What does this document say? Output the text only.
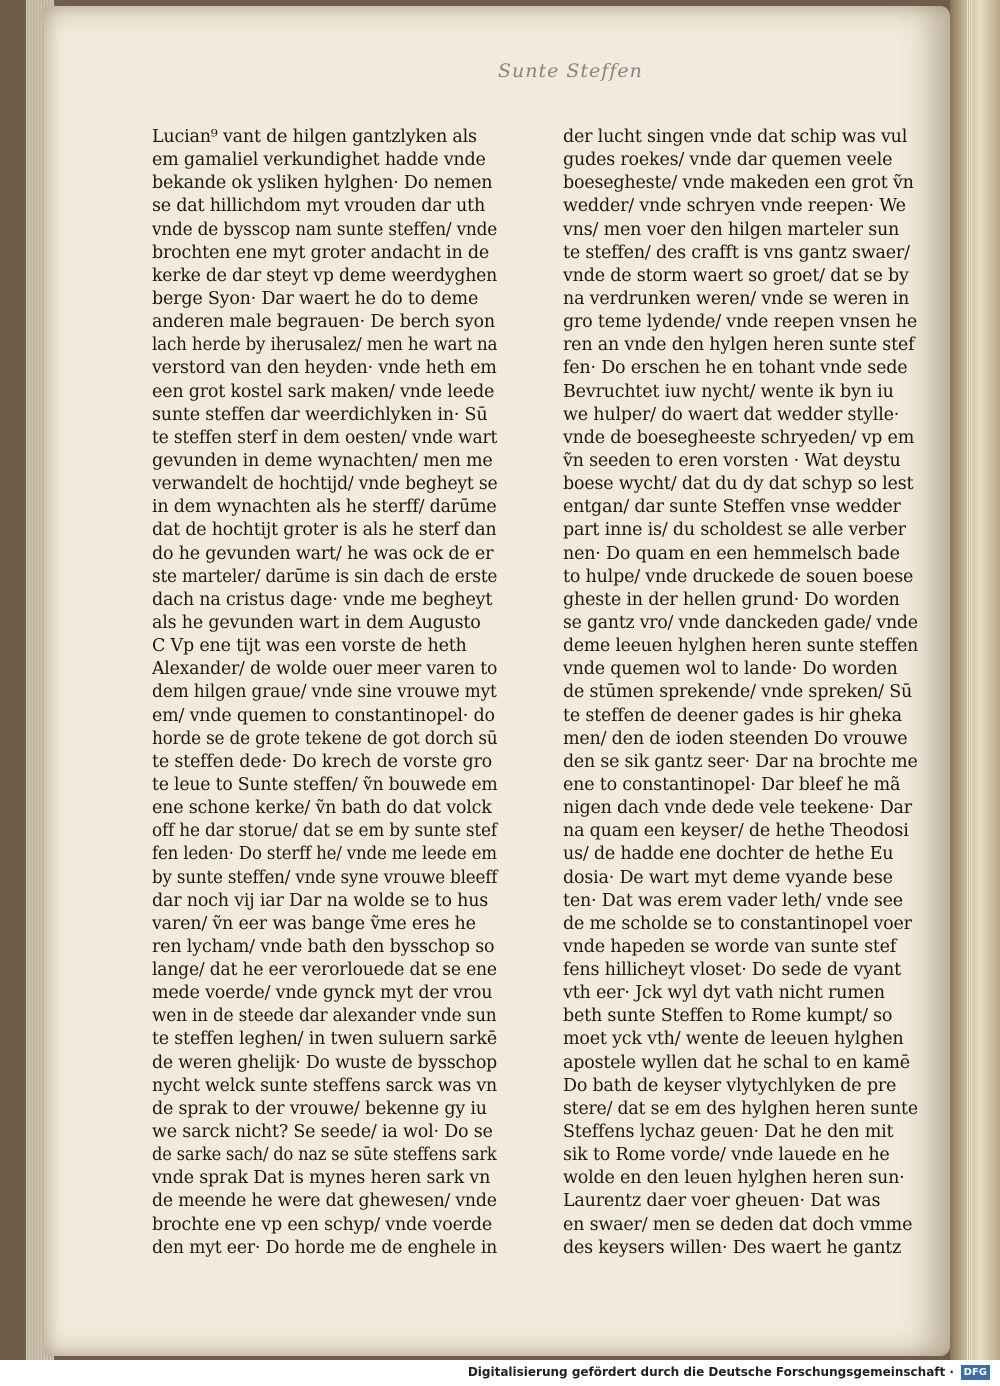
Sunte Steffen
Lucian⁹ vant de hilgen gantzlyken als
em gamaliel verkundighet hadde vnde
bekande ok ysliken hylghen· Do nemen
se dat hillichdom myt vrouden dar uth
vnde de bysscop nam sunte steffen/ vnde
brochten ene myt groter andacht in de
kerke de dar steyt vp deme weerdyghen
berge Syon· Dar waert he do to deme
anderen male begrauen· De berch syon
lach herde by iherusalez/ men he wart na
verstord van den heyden· vnde heth em
een grot kostel sark maken/ vnde leede
sunte steffen dar weerdichlyken in· Sū
te steffen sterf in dem oesten/ vnde wart
gevunden in deme wynachten/ men me
verwandelt de hochtijd/ vnde begheyt se
in dem wynachten als he sterff/ darūme
dat de hochtijt groter is als he sterf dan
do he gevunden wart/ he was ock de er
ste marteler/ darūme is sin dach de erste
dach na cristus dage· vnde me begheyt
als he gevunden wart in dem Augusto
C Vp ene tijt was een vorste de heth
Alexander/ de wolde ouer meer varen to
dem hilgen graue/ vnde sine vrouwe myt
em/ vnde quemen to constantinopel· do
horde se de grote tekene de got dorch sū
te steffen dede· Do krech de vorste gro
te leue to Sunte steffen/ ṽn bouwede em
ene schone kerke/ ṽn bath do dat volck
off he dar storue/ dat se em by sunte stef
fen leden· Do sterff he/ vnde me leede em
by sunte steffen/ vnde syne vrouwe bleeff
dar noch vij iar Dar na wolde se to hus
varen/ ṽn eer was bange ṽme eres he
ren lycham/ vnde bath den bysschop so
lange/ dat he eer verorlouede dat se ene
mede voerde/ vnde gynck myt der vrou
wen in de steede dar alexander vnde sun
te steffen leghen/ in twen suluern sarkē
de weren ghelijk· Do wuste de bysschop
nycht welck sunte steffens sarck was vn
de sprak to der vrouwe/ bekenne gy iu
we sarck nicht? Se seede/ ia wol· Do se
de sarke sach/ do naz se sūte steffens sark
vnde sprak Dat is mynes heren sark vn
de meende he were dat ghewesen/ vnde
brochte ene vp een schyp/ vnde voerde
den myt eer· Do horde me de enghele in
der lucht singen vnde dat schip was vul
gudes roekes/ vnde dar quemen veele
boesegheste/ vnde makeden een grot ṽn
wedder/ vnde schryen vnde reepen· We
vns/ men voer den hilgen marteler sun
te steffen/ des crafft is vns gantz swaer/
vnde de storm waert so groet/ dat se by
na verdrunken weren/ vnde se weren in
gro teme lydende/ vnde reepen vnsen he
ren an vnde den hylgen heren sunte stef
fen· Do erschen he en tohant vnde sede
Bevruchtet iuw nycht/ wente ik byn iu
we hulper/ do waert dat wedder stylle·
vnde de boesegheeste schryeden/ vp em
ṽn seeden to eren vorsten · Wat deystu
boese wycht/ dat du dy dat schyp so lest
entgan/ dar sunte Steffen vnse wedder
part inne is/ du scholdest se alle verber
nen· Do quam en een hemmelsch bade
to hulpe/ vnde druckede de souen boese
gheste in der hellen grund· Do worden
se gantz vro/ vnde danckeden gade/ vnde
deme leeuen hylghen heren sunte steffen
vnde quemen wol to lande· Do worden
de stūmen sprekende/ vnde spreken/ Sū
te steffen de deener gades is hir gheka
men/ den de ioden steenden Do vrouwe
den se sik gantz seer· Dar na brochte me
ene to constantinopel· Dar bleef he mã
nigen dach vnde dede vele teekene· Dar
na quam een keyser/ de hethe Theodosi
us/ de hadde ene dochter de hethe Eu
dosia· De wart myt deme vyande bese
ten· Dat was erem vader leth/ vnde see
de me scholde se to constantinopel voer
vnde hapeden se worde van sunte stef
fens hillicheyt vloset· Do sede de vyant
vth eer· Jck wyl dyt vath nicht rumen
beth sunte Steffen to Rome kumpt/ so
moet yck vth/ wente de leeuen hylghen
apostele wyllen dat he schal to en kamē
Do bath de keyser vlytychlyken de pre
stere/ dat se em des hylghen heren sunte
Steffens lychaz geuen· Dat he den mit
sik to Rome vorde/ vnde lauede en he
wolde en den leuen hylghen heren sun·
Laurentz daer voer gheuen· Dat was
en swaer/ men se deden dat doch vmme
des keysers willen· Des waert he gantz
Digitalisierung gefördert durch die Deutsche Forschungsgemeinschaft · DFG
